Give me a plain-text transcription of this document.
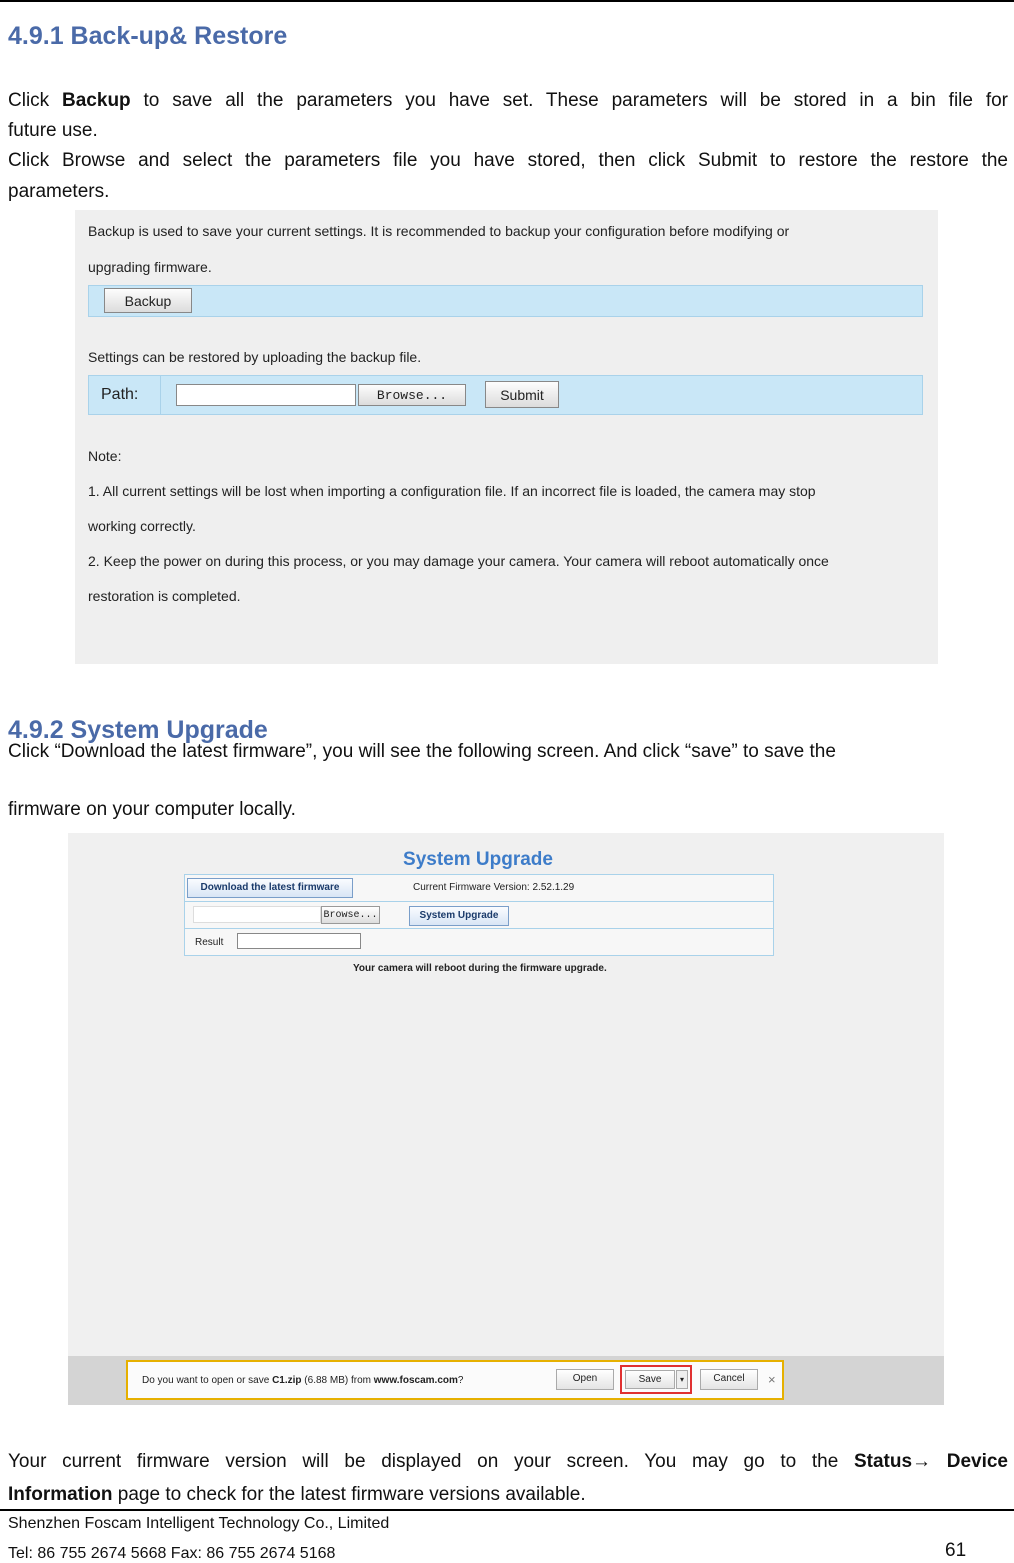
4.9.1 Back-up& Restore
Click Backup to save all the parameters you have set. These parameters will be stored in a bin file for
future use.
Click Browse and select the parameters file you have stored, then click Submit to restore the restore the
parameters.
Backup is used to save your current settings. It is recommended to backup your configuration before modifying or
upgrading firmware.
Backup
Settings can be restored by uploading the backup file.
Path:	Browse...	Submit
Note:
1. All current settings will be lost when importing a configuration file. If an incorrect file is loaded, the camera may stop
working correctly.
2. Keep the power on during this process, or you may damage your camera. Your camera will reboot automatically once
restoration is completed.
4.9.2 System Upgrade
Click “Download the latest firmware”, you will see the following screen. And click “save” to save the
firmware on your computer locally.
System Upgrade
Download the latest firmware	Current Firmware Version: 2.52.1.29
Browse...	System Upgrade
Result
Your camera will reboot during the firmware upgrade.
Do you want to open or save C1.zip (6.88 MB) from www.foscam.com?	Open	Save	▾	Cancel	×
Your current firmware version will be displayed on your screen. You may go to the Status→ Device
Information page to check for the latest firmware versions available.
Shenzhen Foscam Intelligent Technology Co., Limited
Tel: 86 755 2674 5668 Fax: 86 755 2674 5168	61
